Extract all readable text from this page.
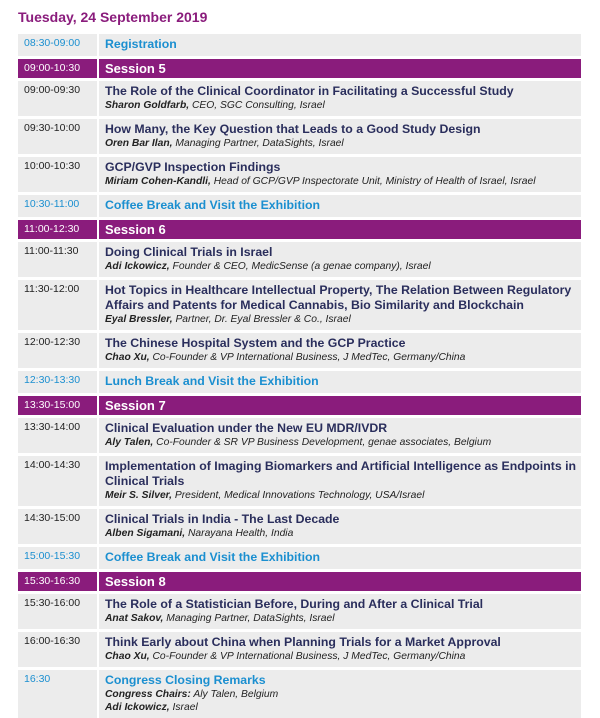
Tuesday, 24 September 2019
08:30-09:00	Registration

09:00-10:30	Session 5
09:00-09:30	The Role of the Clinical Coordinator in Facilitating a Successful Study
Sharon Goldfarb, CEO, SGC Consulting, Israel

09:30-10:00	How Many, the Key Question that Leads to a Good Study Design
Oren Bar Ilan, Managing Partner, DataSights, Israel

10:00-10:30	GCP/GVP Inspection Findings
Miriam Cohen-Kandli, Head of GCP/GVP Inspectorate Unit, Ministry of Health of Israel, Israel

10:30-11:00	Coffee Break and Visit the Exhibition

11:00-12:30	Session 6
11:00-11:30	Doing Clinical Trials in Israel
Adi Ickowicz, Founder & CEO, MedicSense (a genae company), Israel

11:30-12:00	Hot Topics in Healthcare Intellectual Property, The Relation Between Regulatory Affairs and Patents for Medical Cannabis, Bio Similarity and Blockchain
Eyal Bressler, Partner, Dr. Eyal Bressler & Co., Israel

12:00-12:30	The Chinese Hospital System and the GCP Practice
Chao Xu, Co-Founder & VP International Business, J MedTec, Germany/China

12:30-13:30	Lunch Break and Visit the Exhibition

13:30-15:00	Session 7
13:30-14:00	Clinical Evaluation under the New EU MDR/IVDR
Aly Talen, Co-Founder & SR VP Business Development, genae associates, Belgium

14:00-14:30	Implementation of Imaging Biomarkers and Artificial Intelligence as Endpoints in Clinical Trials
Meir S. Silver, President, Medical Innovations Technology, USA/Israel

14:30-15:00	Clinical Trials in India - The Last Decade
Alben Sigamani, Narayana Health, India

15:00-15:30	Coffee Break and Visit the Exhibition

15:30-16:30	Session 8
15:30-16:00	The Role of a Statistician Before, During and After a Clinical Trial
Anat Sakov, Managing Partner, DataSights, Israel

16:00-16:30	Think Early about China when Planning Trials for a Market Approval
Chao Xu, Co-Founder & VP International Business, J MedTec, Germany/China

16:30	Congress Closing Remarks
Congress Chairs: Aly Talen, Belgium
Adi Ickowicz, Israel
